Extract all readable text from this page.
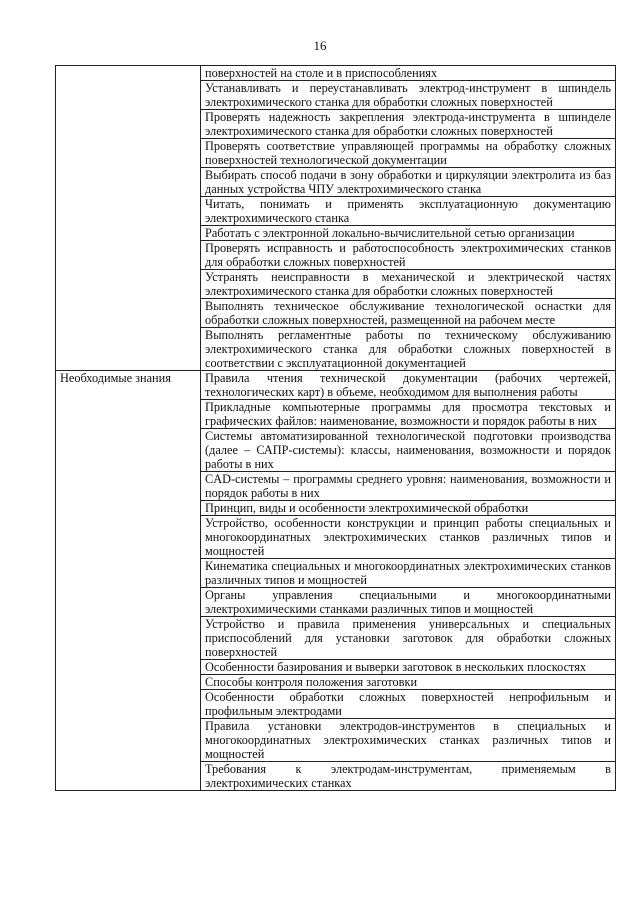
16
	поверхностей на столе и в приспособлениях
	Устанавливать и переустанавливать электрод-инструмент в шпиндель электрохимического станка для обработки сложных поверхностей
	Проверять надежность закрепления электрода-инструмента в шпинделе электрохимического станка для обработки сложных поверхностей
	Проверять соответствие управляющей программы на обработку сложных поверхностей технологической документации
	Выбирать способ подачи в зону обработки и циркуляции электролита из баз данных устройства ЧПУ электрохимического станка
	Читать, понимать и применять эксплуатационную документацию электрохимического станка
	Работать с электронной локально-вычислительной сетью организации
	Проверять исправность и работоспособность электрохимических станков для обработки сложных поверхностей
	Устранять неисправности в механической и электрической частях электрохимического станка для обработки сложных поверхностей
	Выполнять техническое обслуживание технологической оснастки для обработки сложных поверхностей, размещенной на рабочем месте
	Выполнять регламентные работы по техническому обслуживанию электрохимического станка для обработки сложных поверхностей в соответствии с эксплуатационной документацией
Необходимые знания	Правила чтения технической документации (рабочих чертежей, технологических карт) в объеме, необходимом для выполнения работы
	Прикладные компьютерные программы для просмотра текстовых и графических файлов: наименование, возможности и порядок работы в них
	Системы автоматизированной технологической подготовки производства (далее – САПР-системы): классы, наименования, возможности и порядок работы в них
	CAD-системы – программы среднего уровня: наименования, возможности и порядок работы в них
	Принцип, виды и особенности электрохимической обработки
	Устройство, особенности конструкции и принцип работы специальных и многокоординатных электрохимических станков различных типов и мощностей
	Кинематика специальных и многокоординатных электрохимических станков различных типов и мощностей
	Органы управления специальными и многокоординатными электрохимическими станками различных типов и мощностей
	Устройство и правила применения универсальных и специальных приспособлений для установки заготовок для обработки сложных поверхностей
	Особенности базирования и выверки заготовок в нескольких плоскостях
	Способы контроля положения заготовки
	Особенности обработки сложных поверхностей непрофильным и профильным электродами
	Правила установки электродов-инструментов в специальных и многокоординатных электрохимических станках различных типов и мощностей
	Требования к электродам-инструментам, применяемым в электрохимических станках
